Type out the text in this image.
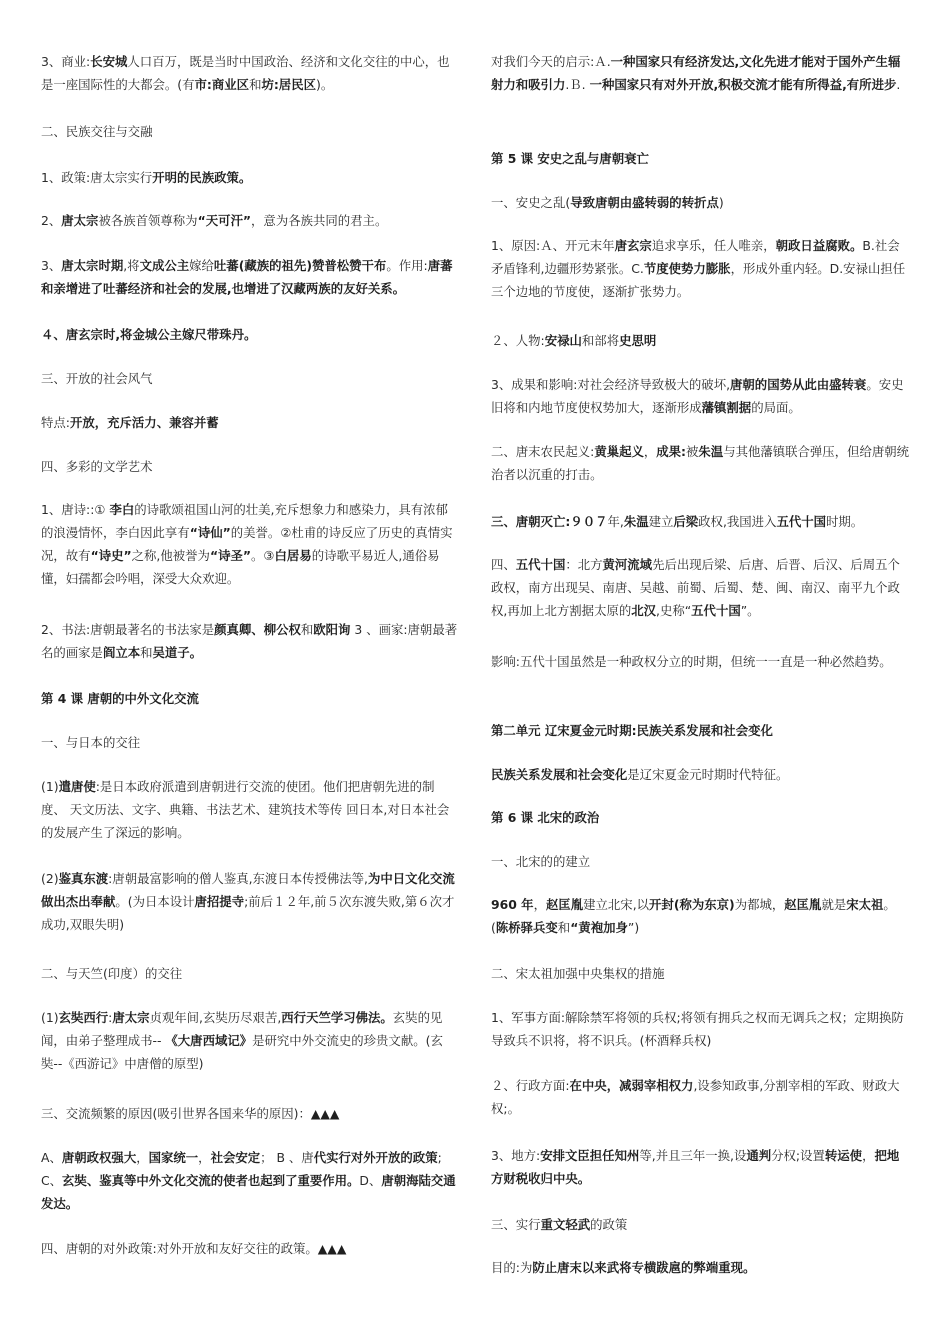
3、商业:长安城人口百万，既是当时中国政治、经济和文化交往的中心，也是一座国际性的大都会。(有市:商业区和坊:居民区)。

二、民族交往与交融

1、政策:唐太宗实行开明的民族政策。

2、唐太宗被各族首领尊称为“天可汗”，意为各族共同的君主。

3、唐太宗时期,将文成公主嫁给吐蕃(藏族的祖先)赞普松赞干布。作用:唐蕃和亲增进了吐蕃经济和社会的发展,也增进了汉藏两族的友好关系。

４、唐玄宗时,将金城公主嫁尺带珠丹。

三、开放的社会风气

特点:开放，充斥活力、兼容并蓄

四、多彩的文学艺术

1、唐诗::① 李白的诗歌颂祖国山河的壮美,充斥想象力和感染力，具有浓郁的浪漫情怀，李白因此享有“诗仙”的美誉。②杜甫的诗反应了历史的真情实况，故有“诗史”之称,他被誉为“诗圣”。③白居易的诗歌平易近人,通俗易懂，妇孺都会吟唱，深受大众欢迎。

2、书法:唐朝最著名的书法家是颜真卿、柳公权和欧阳询 3 、画家:唐朝最著名的画家是阎立本和吴道子。

第 4 课 唐朝的中外文化交流

一、与日本的交往

(1)遣唐使:是日本政府派遣到唐朝进行交流的使团。他们把唐朝先进的制度、 天文历法、文字、典籍、书法艺术、建筑技术等传 回日本,对日本社会的发展产生了深远的影响。

(2)鉴真东渡:唐朝最富影响的僧人鉴真,东渡日本传授佛法等,为中日文化交流做出杰出奉献。(为日本设计唐招提寺;前后１２年,前５次东渡失败,第６次才成功,双眼失明)

二、与天竺(印度）的交往

(1)玄奘西行:唐太宗贞观年间,玄奘历尽艰苦,西行天竺学习佛法。玄奘的见闻，由弟子整理成书-- 《大唐西域记》是研究中外交流史的珍贵文献。(玄奘--《西游记》中唐僧的原型)

三、交流频繁的原因(吸引世界各国来华的原因)：▲▲▲

A、唐朝政权强大，国家统一，社会安定； B 、唐代实行对外开放的政策;C、玄奘、鉴真等中外文化交流的使者也起到了重要作用。D、唐朝海陆交通发达。

四、唐朝的对外政策:对外开放和友好交往的政策。▲▲▲

对我们今天的启示:Ａ.一种国家只有经济发达,文化先进才能对于国外产生辐射力和吸引力.Ｂ. 一种国家只有对外开放,积极交流才能有所得益,有所进步.

第 5 课 安史之乱与唐朝衰亡

一、安史之乱(导致唐朝由盛转弱的转折点)

1、原因:Ａ、开元末年唐玄宗追求享乐，任人唯亲，朝政日益腐败。B.社会矛盾锋利,边疆形势紧张。C.节度使势力膨胀，形成外重内轻。D.安禄山担任三个边地的节度使，逐渐扩张势力。

２、人物:安禄山和部将史思明

3、成果和影响:对社会经济导致极大的破坏,唐朝的国势从此由盛转衰。安史旧将和内地节度使权势加大，逐渐形成藩镇割据的局面。

二、唐末农民起义:黄巢起义，成果:被朱温与其他藩镇联合弹压，但给唐朝统治者以沉重的打击。

三、唐朝灭亡:９０７年,朱温建立后梁政权,我国进入五代十国时期。

四、五代十国：北方黄河流域先后出现后梁、后唐、后晋、后汉、后周五个政权，南方出现吴、南唐、吴越、前蜀、后蜀、楚、闽、南汉、南平九个政权,再加上北方割据太原的北汉,史称“五代十国”。

影响:五代十国虽然是一种政权分立的时期，但统一一直是一种必然趋势。

第二单元 辽宋夏金元时期:民族关系发展和社会变化

民族关系发展和社会变化是辽宋夏金元时期时代特征。

第 6 课 北宋的政治

一、北宋的的建立

960 年，赵匡胤建立北宋,以开封(称为东京)为都城，赵匡胤就是宋太祖。(陈桥驿兵变和“黄袍加身”)

二、宋太祖加强中央集权的措施

1、军事方面:解除禁军将领的兵权;将领有拥兵之权而无调兵之权；定期换防导致兵不识将，将不识兵。(杯酒释兵权)

２、行政方面:在中央，减弱宰相权力,设参知政事,分割宰相的军政、财政大权;。

3、地方:安排文臣担任知州等,并且三年一换,设通判分权;设置转运使，把地方财税收归中央。

三、实行重文轻武的政策

目的:为防止唐末以来武将专横跋扈的弊端重现。
